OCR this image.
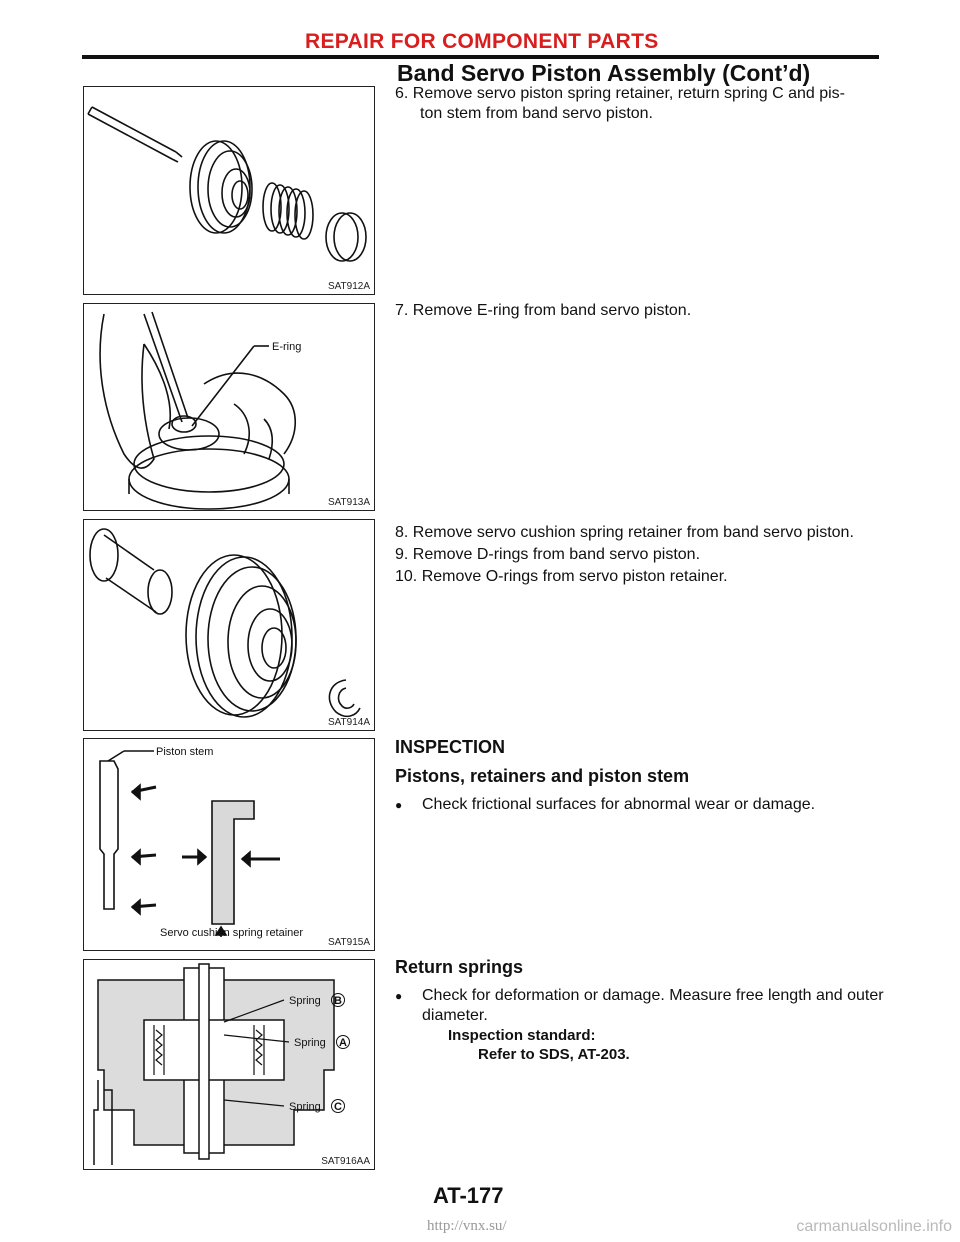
REPAIR FOR COMPONENT PARTS
Band Servo Piston Assembly (Cont’d)
SAT912A
E-ring
SAT913A
SAT914A
Piston stem
Servo cushion spring retainer
SAT915A
Spring B
Spring A
Spring C
SAT916AA
6. Remove servo piston spring retainer, return spring C and pis-
ton stem from band servo piston.
7. Remove E-ring from band servo piston.
8. Remove servo cushion spring retainer from band servo piston.
9. Remove D-rings from band servo piston.
10. Remove O-rings from servo piston retainer.
INSPECTION
Pistons, retainers and piston stem
●	Check frictional surfaces for abnormal wear or damage.
Return springs
●	Check for deformation or damage. Measure free length and outer diameter.
Inspection standard:
Refer to SDS, AT-203.
AT-177
http://vnx.su/	carmanualsonline.info
